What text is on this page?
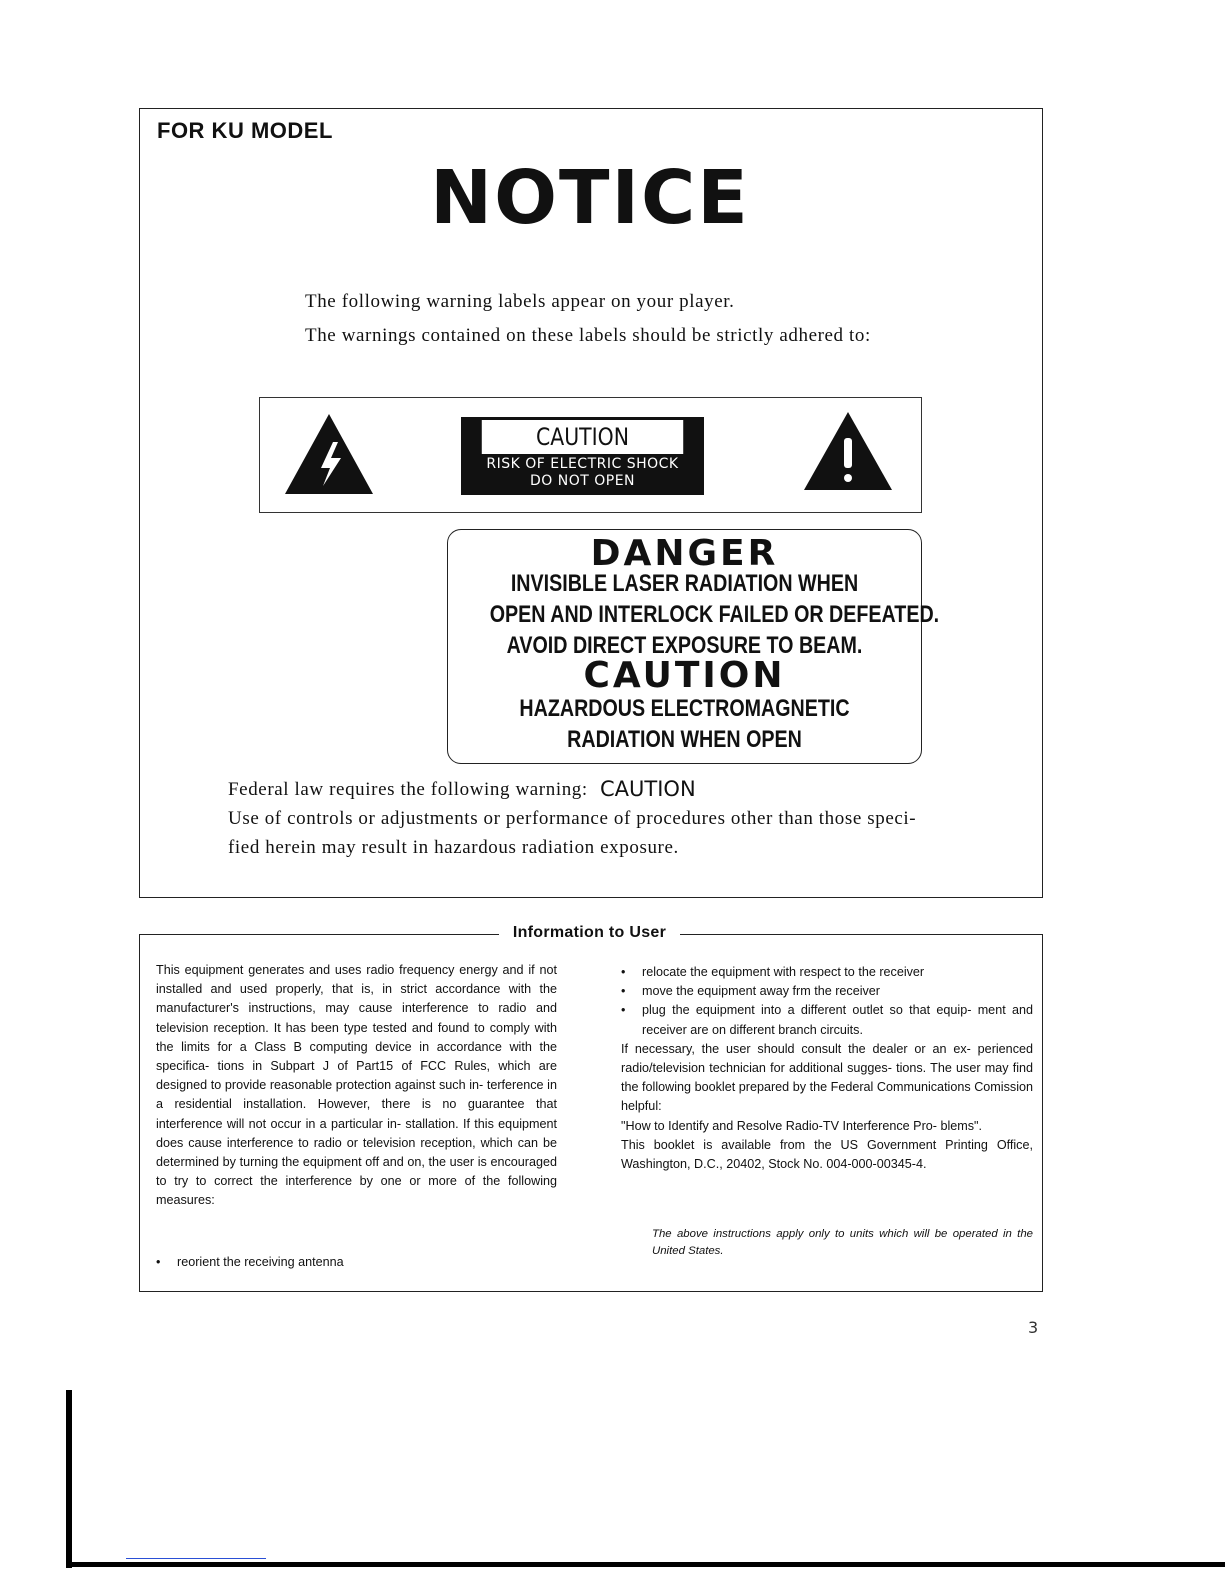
FOR KU MODEL
NOTICE
The following warning labels appear on your player.
The warnings contained on these labels should be strictly adhered to:
CAUTION
RISK OF ELECTRIC SHOCK
DO NOT OPEN
DANGER
INVISIBLE LASER RADIATION WHEN
OPEN AND INTERLOCK FAILED OR DEFEATED.
AVOID DIRECT EXPOSURE TO BEAM.
CAUTION
HAZARDOUS ELECTROMAGNETIC
RADIATION WHEN OPEN
Federal law requires the following warning: CAUTION
Use of controls or adjustments or performance of procedures other than those speci-
fied herein may result in hazardous radiation exposure.
Information to User
This equipment generates and uses radio frequency energy and if not installed and used properly, that is, in strict accordance with the manufacturer's instructions, may cause interference to radio and television reception. It has been type tested and found to comply with the limits for a Class B computing device in accordance with the specifica- tions in Subpart J of Part15 of FCC Rules, which are designed to provide reasonable protection against such in- terference in a residential installation. However, there is no guarantee that interference will not occur in a particular in- stallation. If this equipment does cause interference to radio or television reception, which can be determined by turning the equipment off and on, the user is encouraged to try to correct the interference by one or more of the following measures:
• reorient the receiving antenna
• relocate the equipment with respect to the receiver
• move the equipment away frm the receiver
• plug the equipment into a different outlet so that equip- ment and receiver are on different branch circuits.
If necessary, the user should consult the dealer or an ex- perienced radio/television technician for additional sugges- tions. The user may find the following booklet prepared by the Federal Communications Comission helpful:
"How to Identify and Resolve Radio-TV Interference Pro- blems".
This booklet is available from the US Government Printing Office, Washington, D.C., 20402, Stock No. 004-000-00345-4.
The above instructions apply only to units which will be operated in the United States.
3
